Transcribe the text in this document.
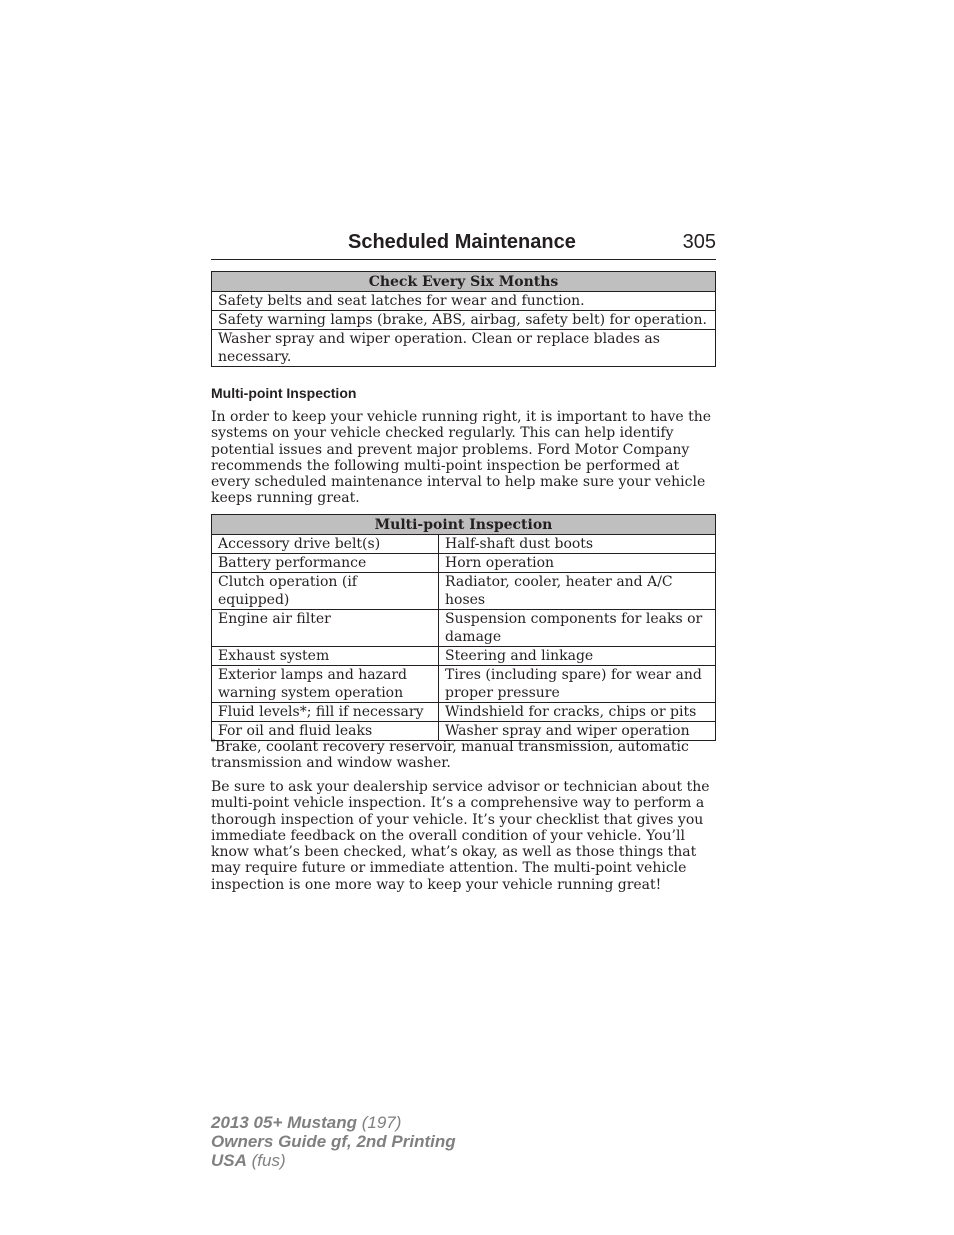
Scheduled Maintenance	305
Check Every Six Months
Safety belts and seat latches for wear and function.
Safety warning lamps (brake, ABS, airbag, safety belt) for operation.
Washer spray and wiper operation. Clean or replace blades as necessary.
Multi-point Inspection

In order to keep your vehicle running right, it is important to have the systems on your vehicle checked regularly. This can help identify potential issues and prevent major problems. Ford Motor Company recommends the following multi-point inspection be performed at every scheduled maintenance interval to help make sure your vehicle keeps running great.

Multi-point Inspection	
Accessory drive belt(s)	Half-shaft dust boots
Battery performance	Horn operation
Clutch operation (if equipped)	Radiator, cooler, heater and A/C hoses
Engine air filter	Suspension components for leaks or damage
Exhaust system	Steering and linkage
Exterior lamps and hazard warning system operation	Tires (including spare) for wear and proper pressure
Fluid levels*; fill if necessary	Windshield for cracks, chips or pits
For oil and fluid leaks	Washer spray and wiper operation

*Brake, coolant recovery reservoir, manual transmission, automatic transmission and window washer.

Be sure to ask your dealership service advisor or technician about the multi-point vehicle inspection. It’s a comprehensive way to perform a thorough inspection of your vehicle. It’s your checklist that gives you immediate feedback on the overall condition of your vehicle. You’ll know what’s been checked, what’s okay, as well as those things that may require future or immediate attention. The multi-point vehicle inspection is one more way to keep your vehicle running great!

2013 05+ Mustang (197)
Owners Guide gf, 2nd Printing
USA (fus)
